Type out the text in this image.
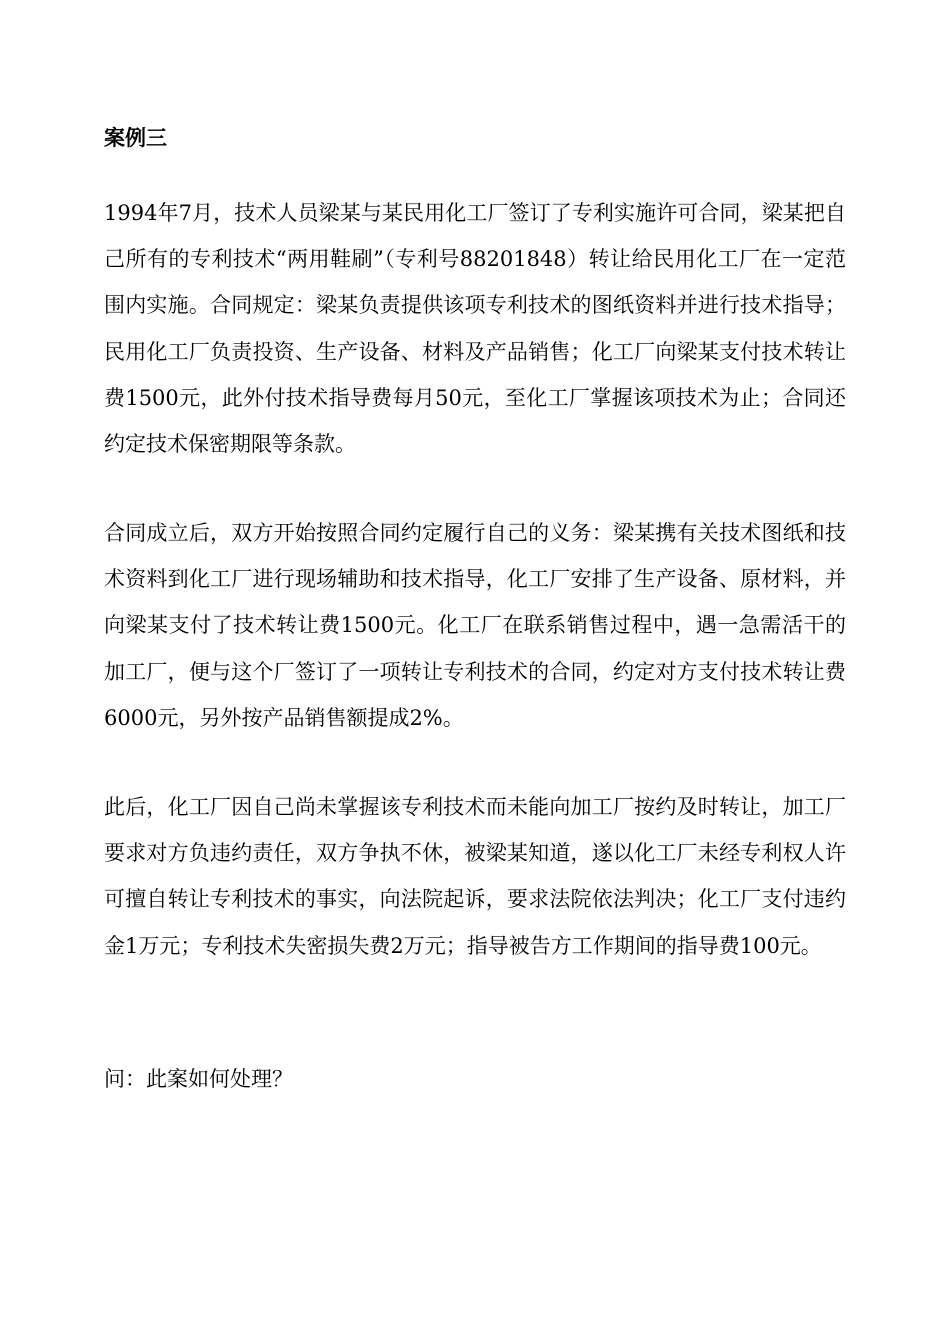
案例三

1994年7月，技术人员梁某与某民用化工厂签订了专利实施许可合同，梁某把自己所有的专利技术“两用鞋刷”（专利号88201848）转让给民用化工厂在一定范围内实施。合同规定：梁某负责提供该项专利技术的图纸资料并进行技术指导；民用化工厂负责投资、生产设备、材料及产品销售；化工厂向梁某支付技术转让费1500元，此外付技术指导费每月50元，至化工厂掌握该项技术为止；合同还约定技术保密期限等条款。

合同成立后，双方开始按照合同约定履行自己的义务：梁某携有关技术图纸和技术资料到化工厂进行现场辅助和技术指导，化工厂安排了生产设备、原材料，并向梁某支付了技术转让费1500元。化工厂在联系销售过程中，遇一急需活干的加工厂，便与这个厂签订了一项转让专利技术的合同，约定对方支付技术转让费6000元，另外按产品销售额提成2%。

此后，化工厂因自己尚未掌握该专利技术而未能向加工厂按约及时转让，加工厂要求对方负违约责任，双方争执不休，被梁某知道，遂以化工厂未经专利权人许可擅自转让专利技术的事实，向法院起诉，要求法院依法判决；化工厂支付违约金1万元；专利技术失密损失费2万元；指导被告方工作期间的指导费100元。

问：此案如何处理？
